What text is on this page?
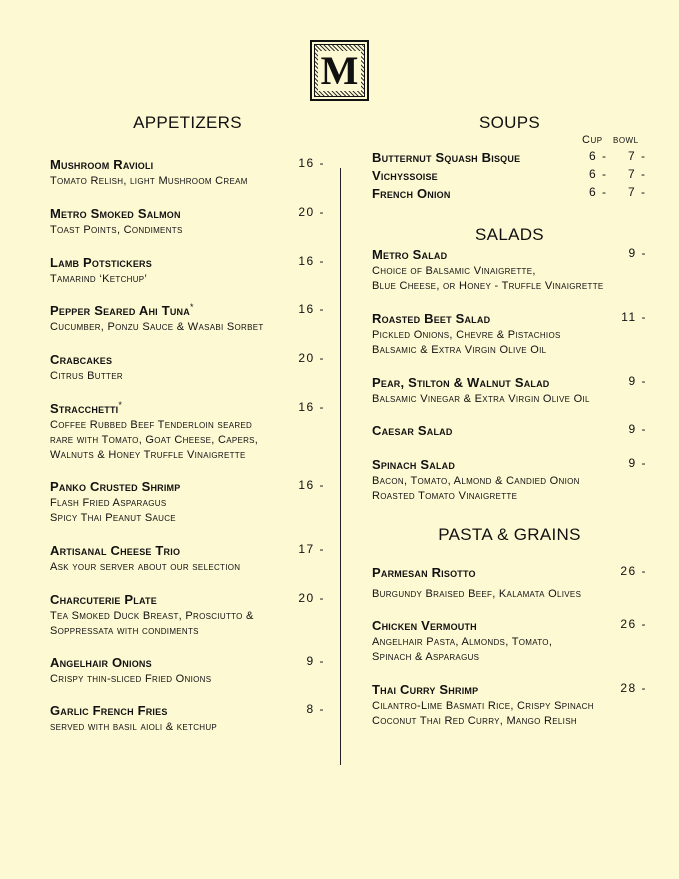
M
APPETIZERS
Mushroom Ravioli	16 -
Tomato Relish, light Mushroom Cream
Metro Smoked Salmon	20 -
Toast Points, Condiments
Lamb Potstickers	16 -
Tamarind ‘Ketchup’
Pepper Seared Ahi Tuna*	16 -
Cucumber, Ponzu Sauce & Wasabi Sorbet
Crabcakes	20 -
Citrus Butter
Stracchetti*	16 -
Coffee Rubbed Beef Tenderloin seared
rare with Tomato, Goat Cheese, Capers,
Walnuts & Honey Truffle Vinaigrette
Panko Crusted Shrimp	16 -
Flash Fried Asparagus
Spicy Thai Peanut Sauce
Artisanal Cheese Trio	17 -
Ask your server about our selection
Charcuterie Plate	20 -
Tea Smoked Duck Breast, Prosciutto &
Soppressata with condiments
Angelhair Onions	9 -
Crispy thin-sliced Fried Onions
Garlic French Fries	8 -
served with basil aioli & ketchup
SOUPS
Cup bowl
Butternut Squash Bisque	6 - 7 -
Vichyssoise	6 - 7 -
French Onion	6 - 7 -
SALADS
Metro Salad	9 -
Choice of Balsamic Vinaigrette,
Blue Cheese, or Honey - Truffle Vinaigrette
Roasted Beet Salad	11 -
Pickled Onions, Chevre & Pistachios
Balsamic & Extra Virgin Olive Oil
Pear, Stilton & Walnut Salad	9 -
Balsamic Vinegar & Extra Virgin Olive Oil
Caesar Salad	9 -
Spinach Salad	9 -
Bacon, Tomato, Almond & Candied Onion
Roasted Tomato Vinaigrette
PASTA & GRAINS
Parmesan Risotto	26 -
Burgundy Braised Beef, Kalamata Olives
Chicken Vermouth	26 -
Angelhair Pasta, Almonds, Tomato,
Spinach & Asparagus
Thai Curry Shrimp	28 -
Cilantro-Lime Basmati Rice, Crispy Spinach
Coconut Thai Red Curry, Mango Relish
